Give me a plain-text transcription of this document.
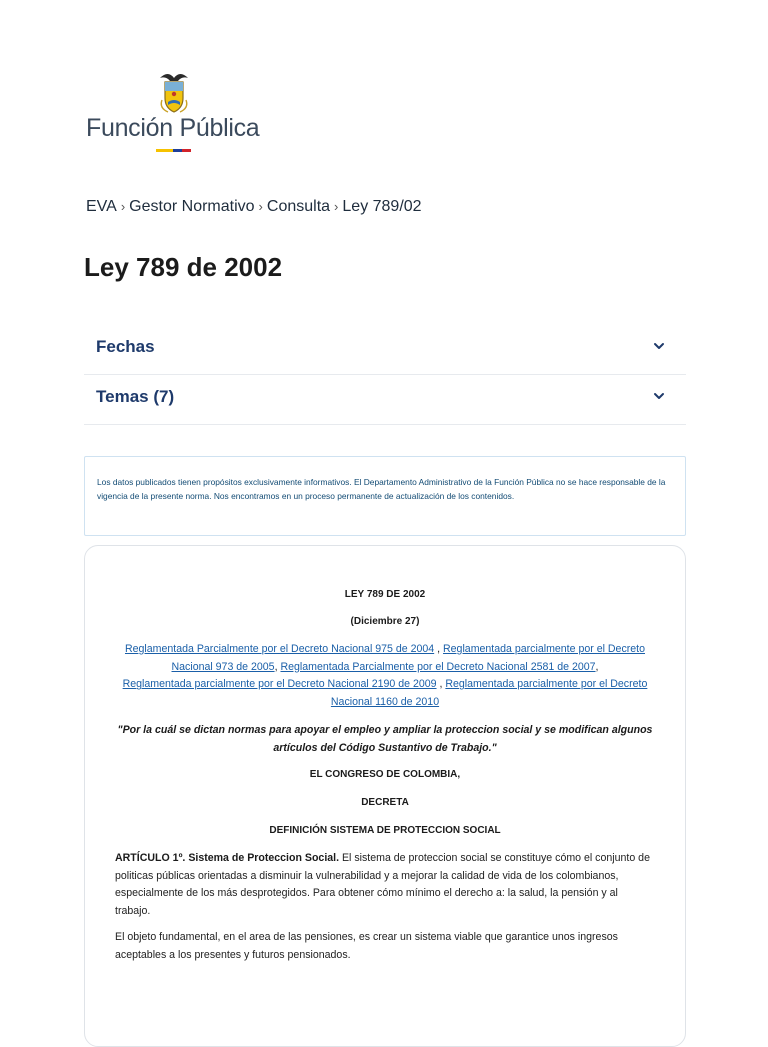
Función Pública
EVA › Gestor Normativo › Consulta › Ley 789/02
Ley 789 de 2002
Fechas
Temas (7)

Los datos publicados tienen propósitos exclusivamente informativos. El Departamento Administrativo de la Función Pública no se hace responsable de la vigencia de la presente norma. Nos encontramos en un proceso permanente de actualización de los contenidos.

LEY 789 DE 2002
(Diciembre 27)
Reglamentada Parcialmente por el Decreto Nacional 975 de 2004 , Reglamentada parcialmente por el Decreto Nacional 973 de 2005, Reglamentada Parcialmente por el Decreto Nacional 2581 de 2007,
Reglamentada parcialmente por el Decreto Nacional 2190 de 2009 , Reglamentada parcialmente por el Decreto Nacional 1160 de 2010
"Por la cuál se dictan normas para apoyar el empleo y ampliar la proteccion social y se modifican algunos artículos del Código Sustantivo de Trabajo."
EL CONGRESO DE COLOMBIA,
DECRETA
DEFINICIÓN SISTEMA DE PROTECCION SOCIAL
ARTÍCULO 1º. Sistema de Proteccion Social. El sistema de proteccion social se constituye cómo el conjunto de politicas públicas orientadas a disminuir la vulnerabilidad y a mejorar la calidad de vida de los colombianos, especialmente de los más desprotegidos. Para obtener cómo mínimo el derecho a: la salud, la pensión y al trabajo.
El objeto fundamental, en el area de las pensiones, es crear un sistema viable que garantice unos ingresos aceptables a los presentes y futuros pensionados.
